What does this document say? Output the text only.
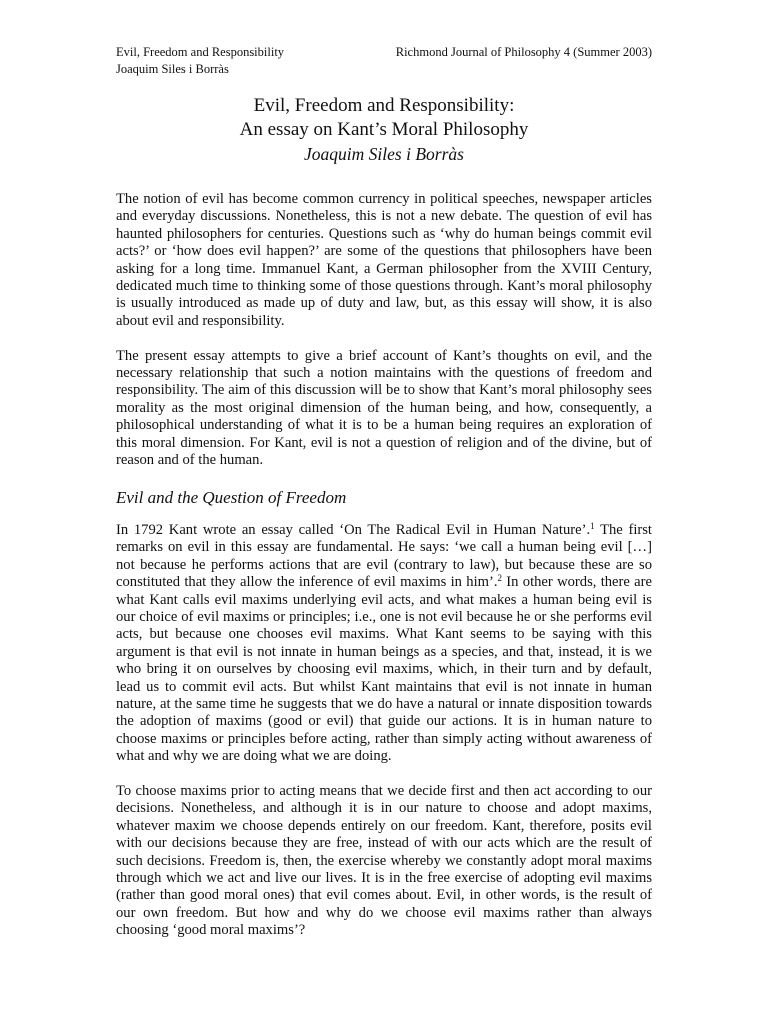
Evil, Freedom and Responsibility	Richmond Journal of Philosophy 4 (Summer 2003)
Joaquim Siles i Borràs
Evil, Freedom and Responsibility:
An essay on Kant’s Moral Philosophy

Joaquim Siles i Borràs

The notion of evil has become common currency in political speeches, newspaper articles and everyday discussions. Nonetheless, this is not a new debate. The question of evil has haunted philosophers for centuries. Questions such as ‘why do human beings commit evil acts?’ or ‘how does evil happen?’ are some of the questions that philosophers have been asking for a long time. Immanuel Kant, a German philosopher from the XVIII Century, dedicated much time to thinking some of those questions through. Kant’s moral philosophy is usually introduced as made up of duty and law, but, as this essay will show, it is also about evil and responsibility.

The present essay attempts to give a brief account of Kant’s thoughts on evil, and the necessary relationship that such a notion maintains with the questions of freedom and responsibility. The aim of this discussion will be to show that Kant’s moral philosophy sees morality as the most original dimension of the human being, and how, consequently, a philosophical understanding of what it is to be a human being requires an exploration of this moral dimension. For Kant, evil is not a question of religion and of the divine, but of reason and of the human.

Evil and the Question of Freedom

In 1792 Kant wrote an essay called ‘On The Radical Evil in Human Nature’.$^1$ The first remarks on evil in this essay are fundamental. He says: ‘we call a human being evil […] not because he performs actions that are evil (contrary to law), but because these are so constituted that they allow the inference of evil maxims in him’.$^2$ In other words, there are what Kant calls evil maxims underlying evil acts, and what makes a human being evil is our choice of evil maxims or principles; i.e., one is not evil because he or she performs evil acts, but because one chooses evil maxims. What Kant seems to be saying with this argument is that evil is not innate in human beings as a species, and that, instead, it is we who bring it on ourselves by choosing evil maxims, which, in their turn and by default, lead us to commit evil acts. But whilst Kant maintains that evil is not innate in human nature, at the same time he suggests that we do have a natural or innate disposition towards the adoption of maxims (good or evil) that guide our actions. It is in human nature to choose maxims or principles before acting, rather than simply acting without awareness of what and why we are doing what we are doing.

To choose maxims prior to acting means that we decide first and then act according to our decisions. Nonetheless, and although it is in our nature to choose and adopt maxims, whatever maxim we choose depends entirely on our freedom. Kant, therefore, posits evil with our decisions because they are free, instead of with our acts which are the result of such decisions. Freedom is, then, the exercise whereby we constantly adopt moral maxims through which we act and live our lives. It is in the free exercise of adopting evil maxims (rather than good moral ones) that evil comes about. Evil, in other words, is the result of our own freedom. But how and why do we choose evil maxims rather than always choosing ‘good moral maxims’?
